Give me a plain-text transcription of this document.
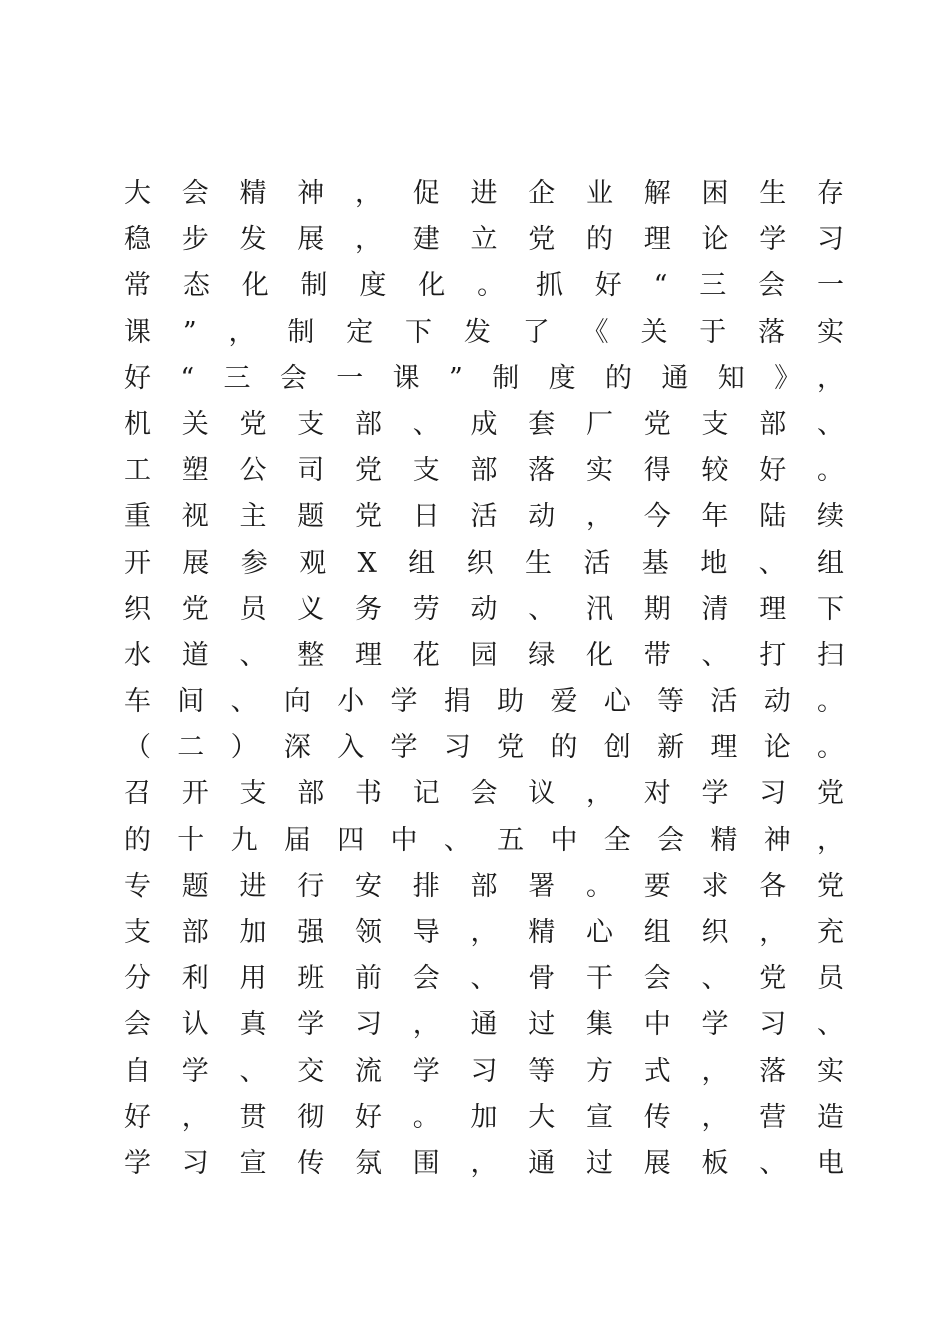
大会精神，促进企业解困生存
稳步发展，建立党的理论学习
常态化制度化。抓好“三会一
课”，制定下发了《关于落实
好“三会一课”制度的通知》，
机关党支部、成套厂党支部、
工塑公司党支部落实得较好。
重视主题党日活动，今年陆续
开展参观X组织生活基地、组
织党员义务劳动、汛期清理下
水道、整理花园绿化带、打扫
车间、向小学捐助爱心等活动。
（二）深入学习党的创新理论。
召开支部书记会议，对学习党
的十九届四中、五中全会精神，
专题进行安排部署。要求各党
支部加强领导，精心组织，充
分利用班前会、骨干会、党员
会认真学习，通过集中学习、
自学、交流学习等方式，落实
好，贯彻好。加大宣传，营造
学习宣传氛围，通过展板、电
